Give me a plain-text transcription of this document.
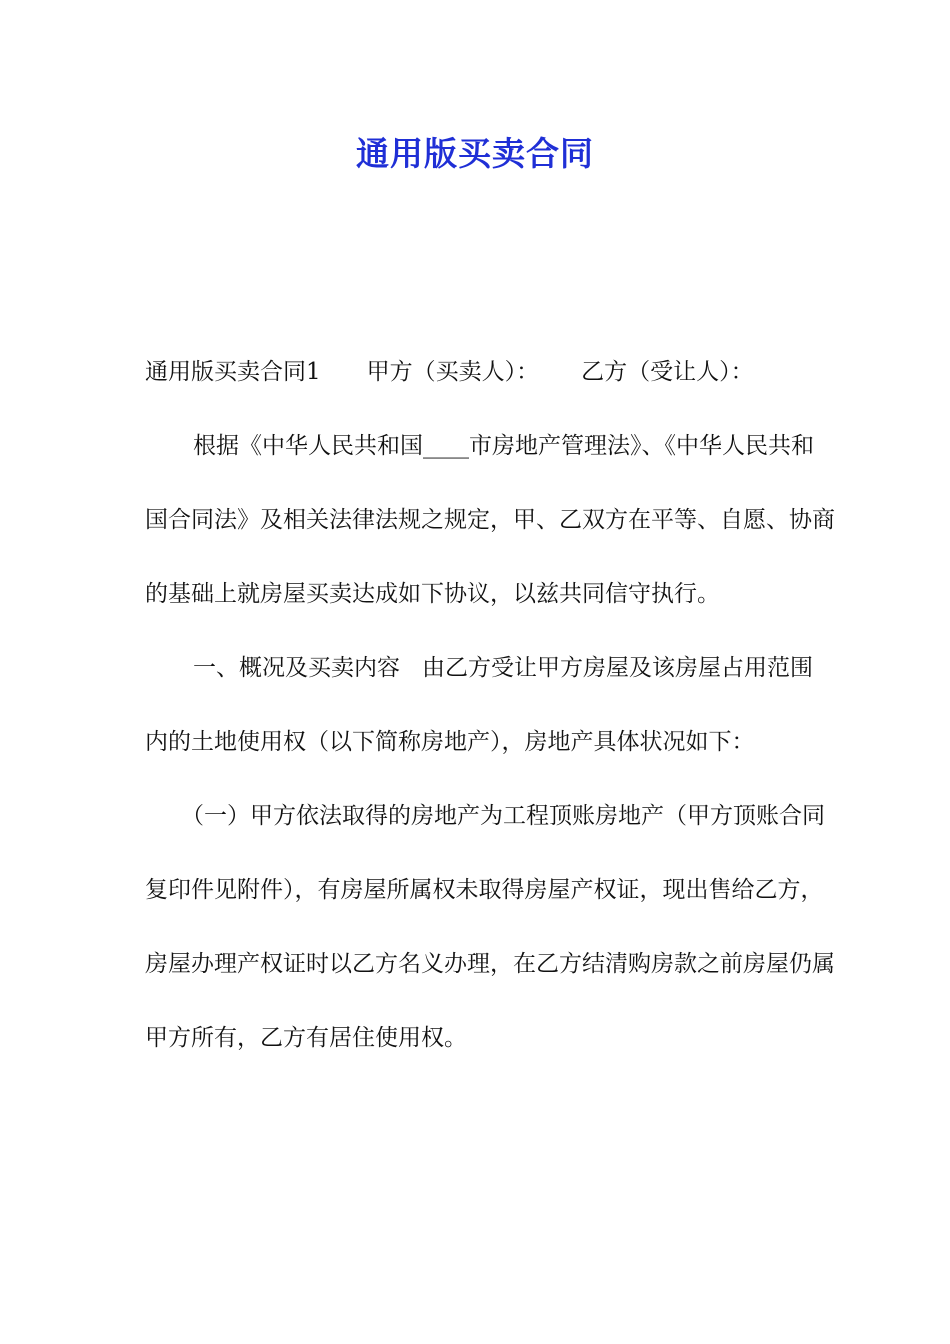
通用版买卖合同

通用版买卖合同1 甲方（买卖人）： 乙方（受让人）：

根据《中华人民共和国____市房地产管理法》、《中华人民共和国合同法》及相关法律法规之规定，甲、乙双方在平等、自愿、协商的基础上就房屋买卖达成如下协议，以兹共同信守执行。

一、概况及买卖内容 由乙方受让甲方房屋及该房屋占用范围内的土地使用权（以下简称房地产），房地产具体状况如下：

（一）甲方依法取得的房地产为工程顶账房地产（甲方顶账合同复印件见附件），有房屋所属权未取得房屋产权证，现出售给乙方，房屋办理产权证时以乙方名义办理，在乙方结清购房款之前房屋仍属甲方所有，乙方有居住使用权。
